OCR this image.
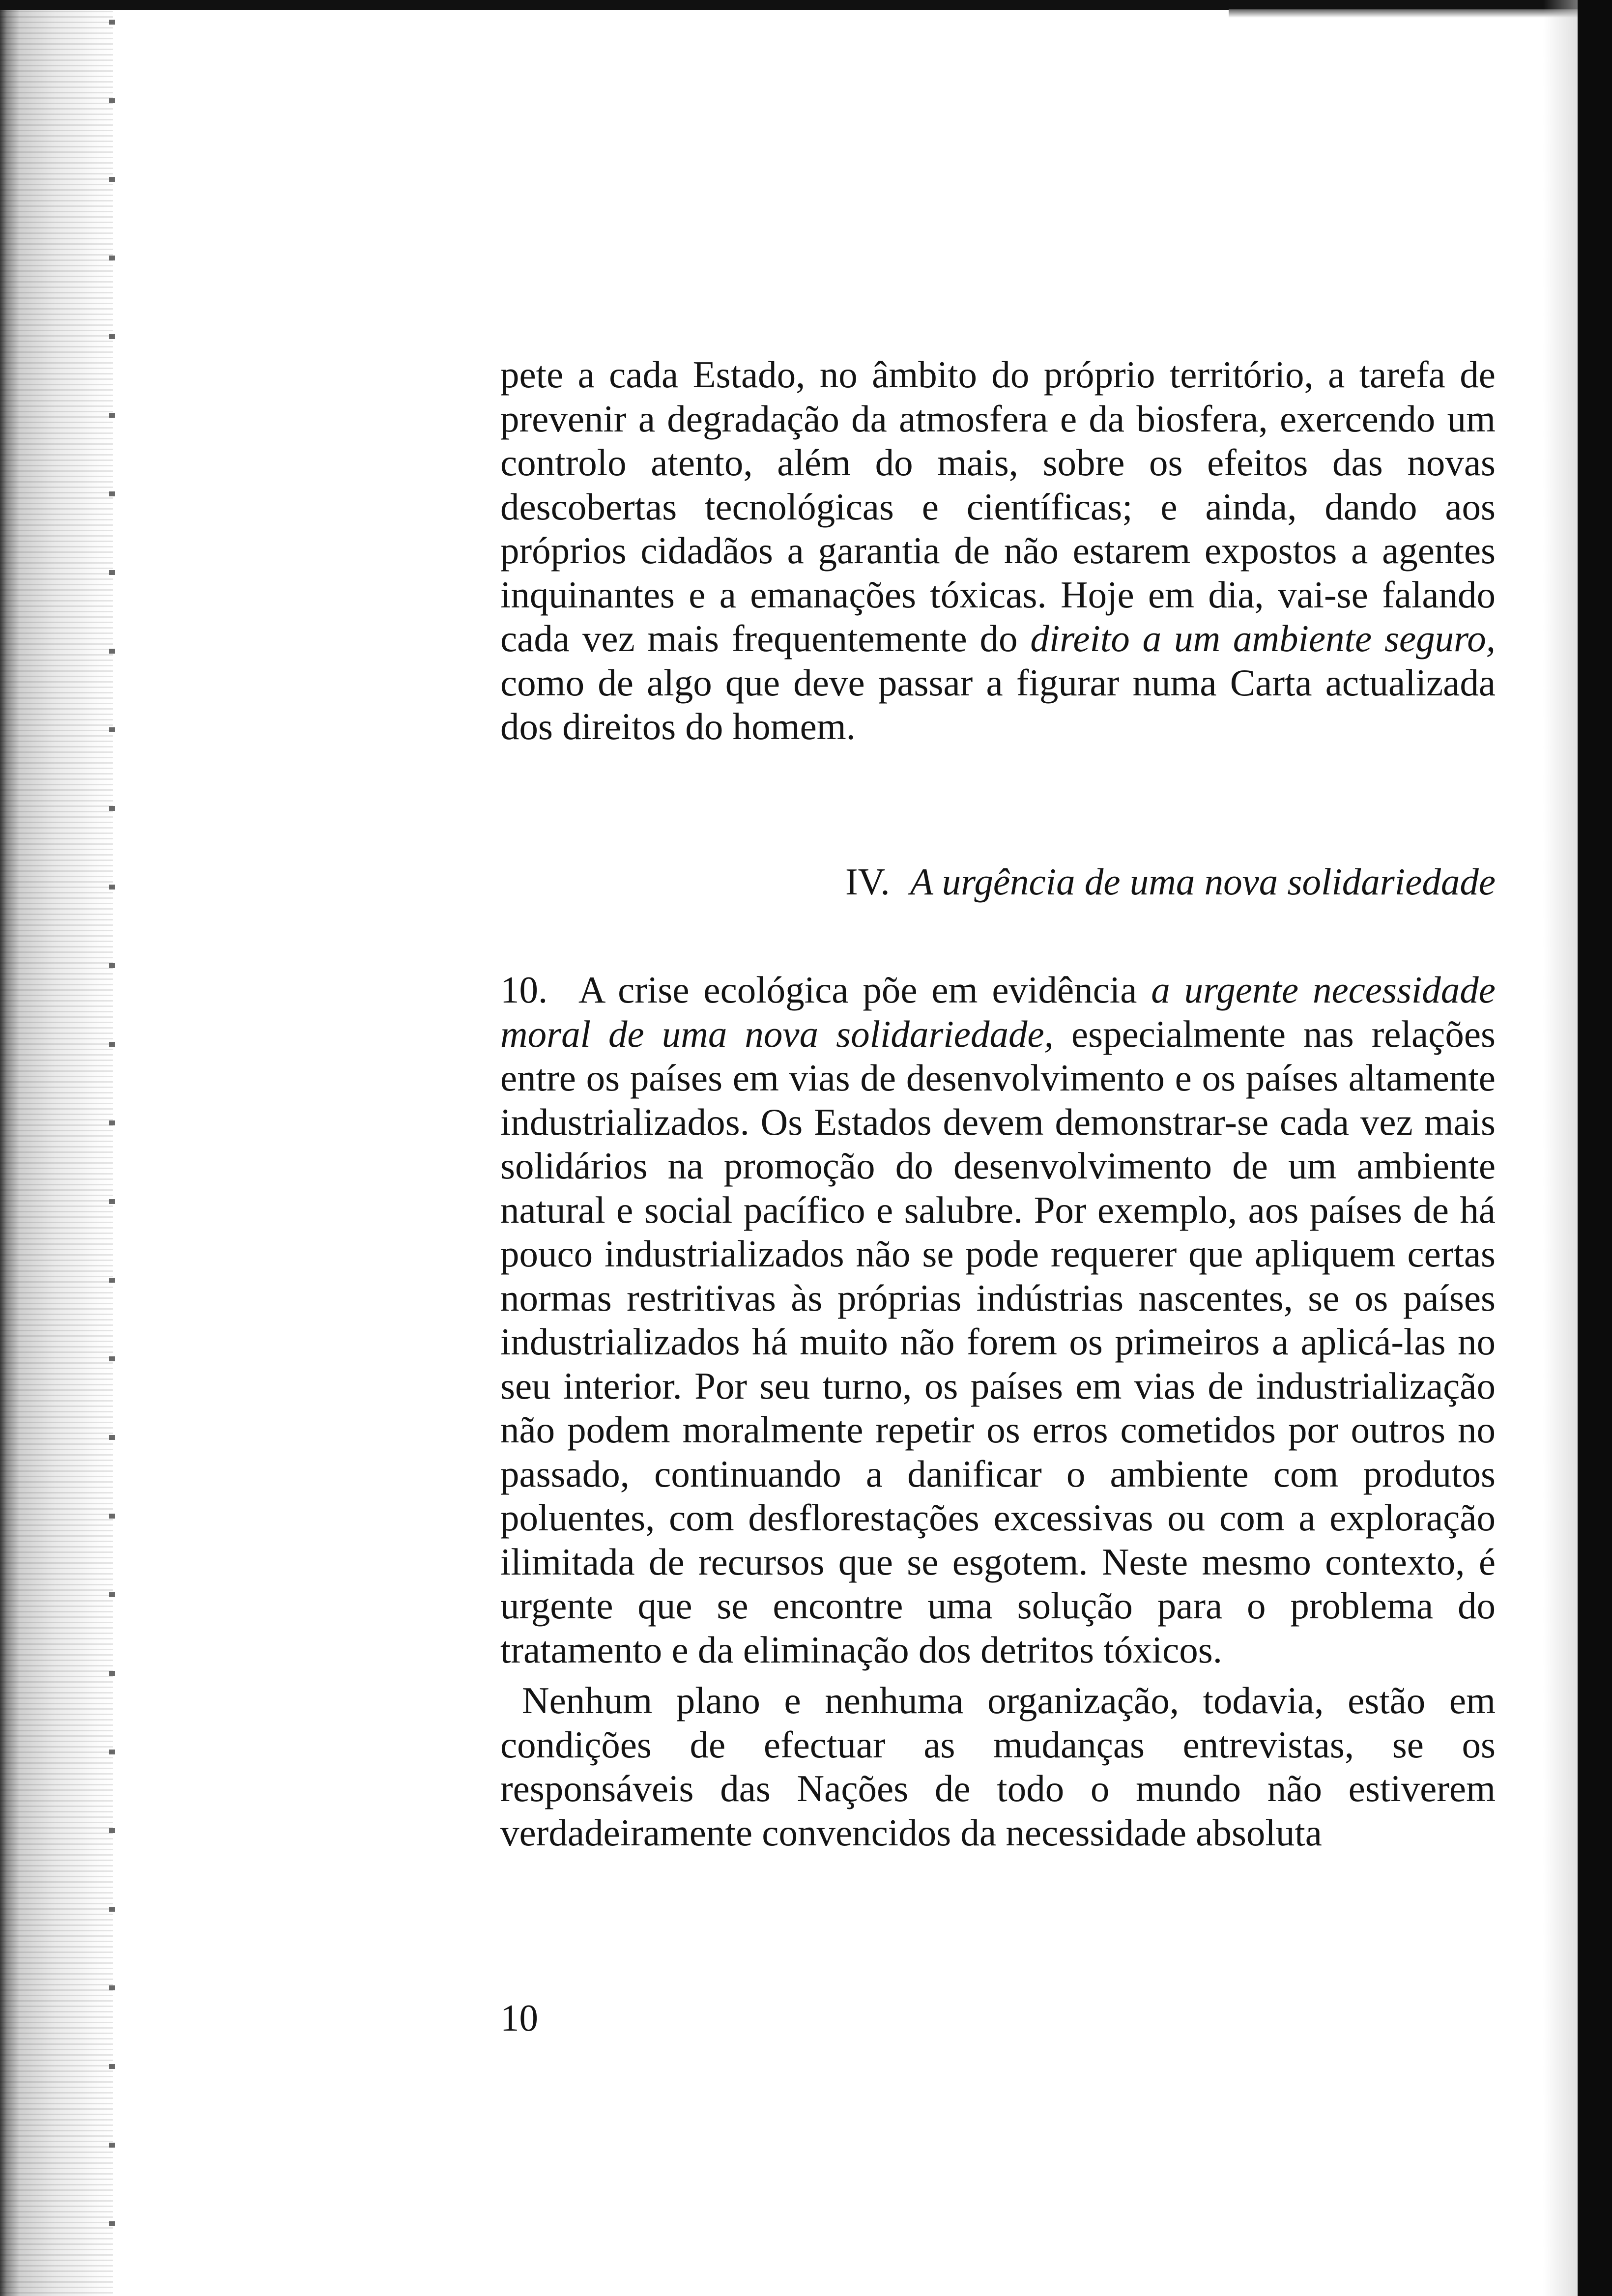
pete a cada Estado, no âmbito do próprio território, a tarefa de prevenir a degradação da atmosfera e da biosfera, exercendo um controlo atento, além do mais, sobre os efeitos das novas descobertas tecnológicas e científicas; e ainda, dando aos próprios cidadãos a garantia de não estarem expostos a agentes inquinantes e a emanações tóxicas. Hoje em dia, vai-se falando cada vez mais frequentemente do direito a um ambiente seguro, como de algo que deve passar a figurar numa Carta actualizada dos direitos do homem.

IV. A urgência de uma nova solidariedade

10. A crise ecológica põe em evidência a urgente necessidade moral de uma nova solidariedade, especialmente nas relações entre os países em vias de desenvolvimento e os países altamente industrializados. Os Estados devem demonstrar-se cada vez mais solidários na promoção do desenvolvimento de um ambiente natural e social pacífico e salubre. Por exemplo, aos países de há pouco industrializados não se pode requerer que apliquem certas normas restritivas às próprias indústrias nascentes, se os países industrializados há muito não forem os primeiros a aplicá-las no seu interior. Por seu turno, os países em vias de industrialização não podem moralmente repetir os erros cometidos por outros no passado, continuando a danificar o ambiente com produtos poluentes, com desflorestações excessivas ou com a exploração ilimitada de recursos que se esgotem. Neste mesmo contexto, é urgente que se encontre uma solução para o problema do tratamento e da eliminação dos detritos tóxicos.

Nenhum plano e nenhuma organização, todavia, estão em condições de efectuar as mudanças entrevistas, se os responsáveis das Nações de todo o mundo não estiverem verdadeiramente convencidos da necessidade absoluta

10
